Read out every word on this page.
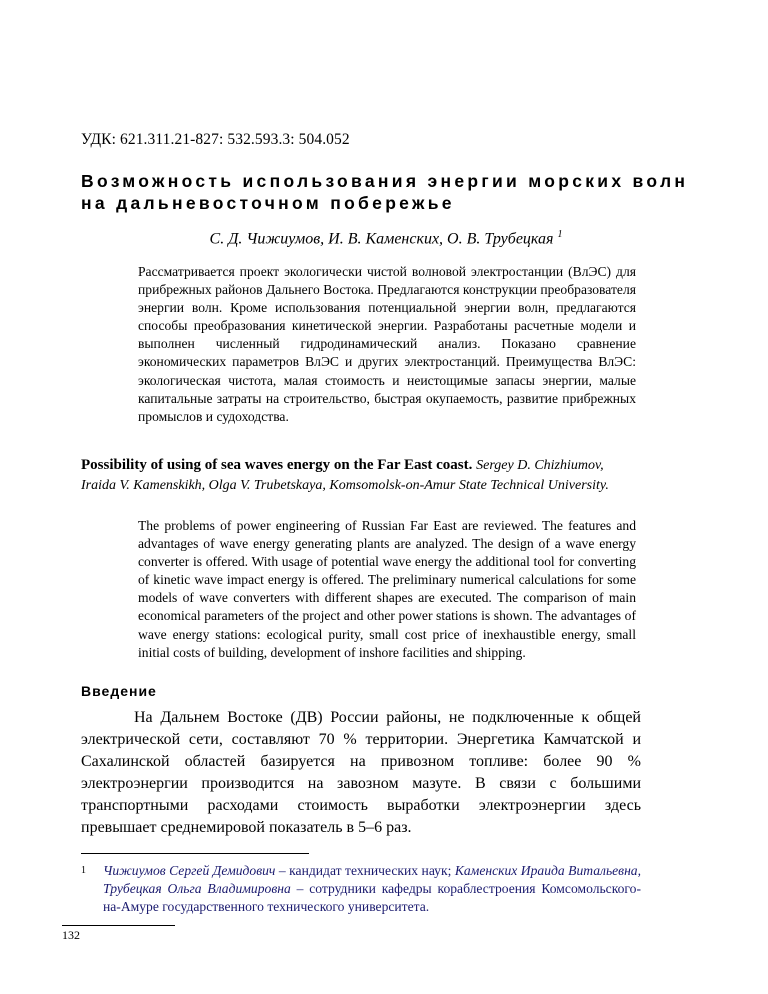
УДК: 621.311.21-827: 532.593.3: 504.052
Возможность использования энергии морских волн на дальневосточном побережье
С. Д. Чижиумов, И. В. Каменских, О. В. Трубецкая $^1$
Рассматривается проект экологически чистой волновой электростанции (ВлЭС) для прибрежных районов Дальнего Востока. Предлагаются конструкции преобразователя энергии волн. Кроме использования потенциальной энергии волн, предлагаются способы преобразования кинетической энергии. Разработаны расчетные модели и выполнен численный гидродинамический анализ. Показано сравнение экономических параметров ВлЭС и других электростанций. Преимущества ВлЭС: экологическая чистота, малая стоимость и неистощимые запасы энергии, малые капитальные затраты на строительство, быстрая окупаемость, развитие прибрежных промыслов и судоходства.
Possibility of using of sea waves energy on the Far East coast. Sergey D. Chizhiumov, Iraida V. Kamenskikh, Olga V. Trubetskaya, Komsomolsk-on-Amur State Technical University.
The problems of power engineering of Russian Far East are reviewed. The features and advantages of wave energy generating plants are analyzed. The design of a wave energy converter is offered. With usage of potential wave energy the additional tool for converting of kinetic wave impact energy is offered. The preliminary numerical calculations for some models of wave converters with different shapes are executed. The comparison of main economical parameters of the project and other power stations is shown. The advantages of wave energy stations: ecological purity, small cost price of inexhaustible energy, small initial costs of building, development of inshore facilities and shipping.
Введение
На Дальнем Востоке (ДВ) России районы, не подключенные к общей электрической сети, составляют 70 % территории. Энергетика Камчатской и Сахалинской областей базируется на привозном топливе: более 90 % электроэнергии производится на завозном мазуте. В связи с большими транспортными расходами стоимость выработки электроэнергии здесь превышает среднемировой показатель в 5–6 раз.
1	Чижиумов Сергей Демидович – кандидат технических наук; Каменских Ираида Витальевна, Трубецкая Ольга Владимировна – сотрудники кафедры кораблестроения Комсомольского-на-Амуре государственного технического университета.
132
